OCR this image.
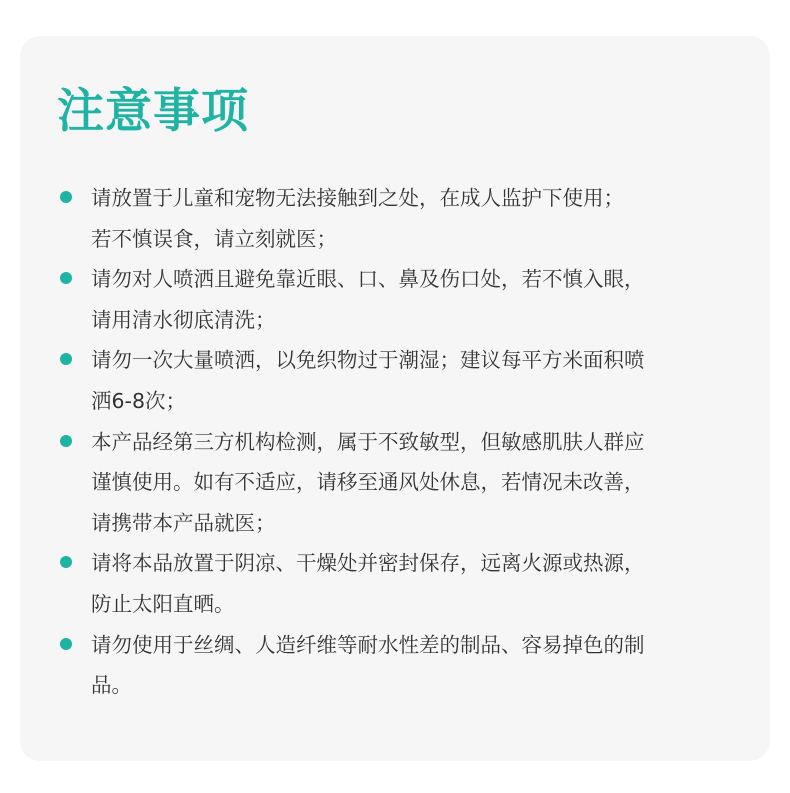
注意事项
请放置于儿童和宠物无法接触到之处，在成人监护下使用；
若不慎误食，请立刻就医；
请勿对人喷洒且避免靠近眼、口、鼻及伤口处，若不慎入眼，
请用清水彻底清洗；
请勿一次大量喷洒，以免织物过于潮湿；建议每平方米面积喷
洒6-8次；
本产品经第三方机构检测，属于不致敏型，但敏感肌肤人群应
谨慎使用。如有不适应，请移至通风处休息，若情况未改善，
请携带本产品就医；
请将本品放置于阴凉、干燥处并密封保存，远离火源或热源，
防止太阳直晒。
请勿使用于丝绸、人造纤维等耐水性差的制品、容易掉色的制
品。
